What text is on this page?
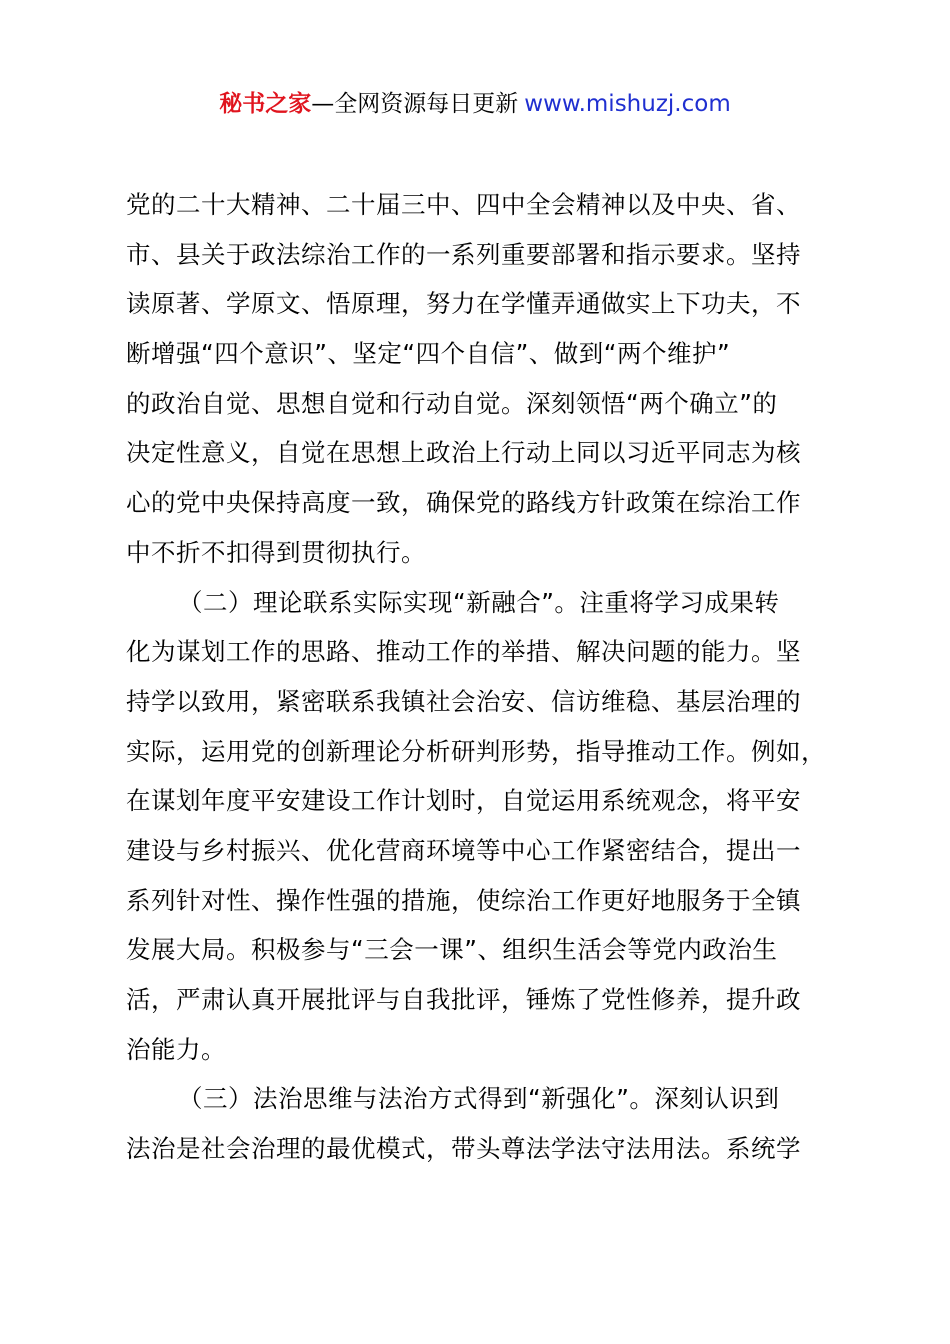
秘书之家—全网资源每日更新 www.mishuzj.com
党的二十大精神、二十届三中、四中全会精神以及中央、省、
市、县关于政法综治工作的一系列重要部署和指示要求。坚持
读原著、学原文、悟原理，努力在学懂弄通做实上下功夫，不
断增强“四个意识”、坚定“四个自信”、做到“两个维护”
的政治自觉、思想自觉和行动自觉。深刻领悟“两个确立”的
决定性意义，自觉在思想上政治上行动上同以习近平同志为核
心的党中央保持高度一致，确保党的路线方针政策在综治工作
中不折不扣得到贯彻执行。
（二）理论联系实际实现“新融合”。注重将学习成果转
化为谋划工作的思路、推动工作的举措、解决问题的能力。坚
持学以致用，紧密联系我镇社会治安、信访维稳、基层治理的
实际，运用党的创新理论分析研判形势，指导推动工作。例如，
在谋划年度平安建设工作计划时，自觉运用系统观念，将平安
建设与乡村振兴、优化营商环境等中心工作紧密结合，提出一
系列针对性、操作性强的措施，使综治工作更好地服务于全镇
发展大局。积极参与“三会一课”、组织生活会等党内政治生
活，严肃认真开展批评与自我批评，锤炼了党性修养，提升政
治能力。
（三）法治思维与法治方式得到“新强化”。深刻认识到
法治是社会治理的最优模式，带头尊法学法守法用法。系统学
